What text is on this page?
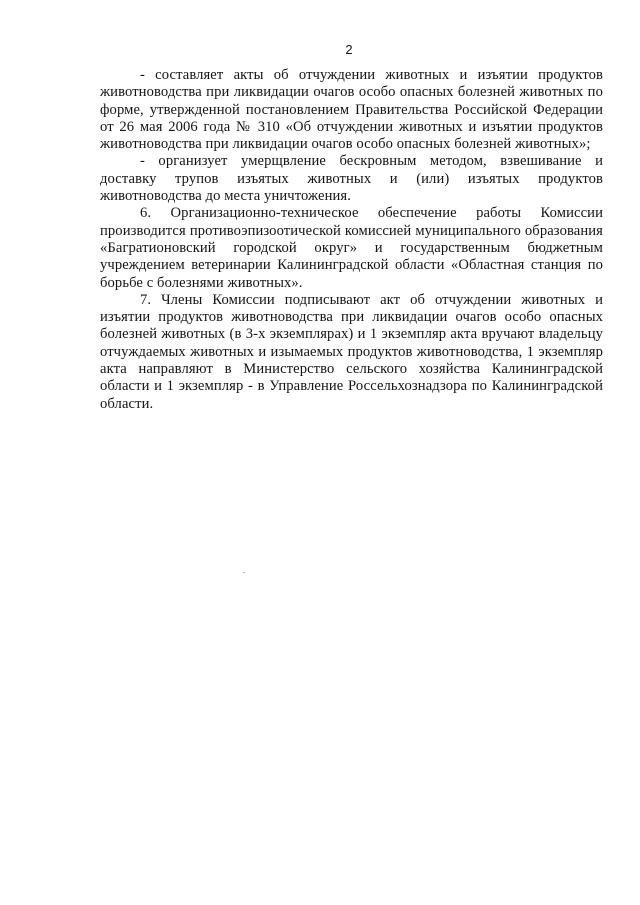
2

- составляет акты об отчуждении животных и изъятии продуктов животноводства при ликвидации очагов особо опасных болезней животных по форме, утвержденной постановлением Правительства Российской Федерации от 26 мая 2006 года № 310 «Об отчуждении животных и изъятии продуктов животноводства при ликвидации очагов особо опасных болезней животных»;

- организует умерщвление бескровным методом, взвешивание и доставку трупов изъятых животных и (или) изъятых продуктов животноводства до места уничтожения.

6. Организационно-техническое обеспечение работы Комиссии производится противоэпизоотической комиссией муниципального образования «Багратионовский городской округ» и государственным бюджетным учреждением ветеринарии Калининградской области «Областная станция по борьбе с болезнями животных».

7. Члены Комиссии подписывают акт об отчуждении животных и изъятии продуктов животноводства при ликвидации очагов особо опасных болезней животных (в 3-х экземплярах) и 1 экземпляр акта вручают владельцу отчуждаемых животных и изымаемых продуктов животноводства, 1 экземпляр акта направляют в Министерство сельского хозяйства Калининградской области и 1 экземпляр - в Управление Россельхознадзора по Калининградской области.
